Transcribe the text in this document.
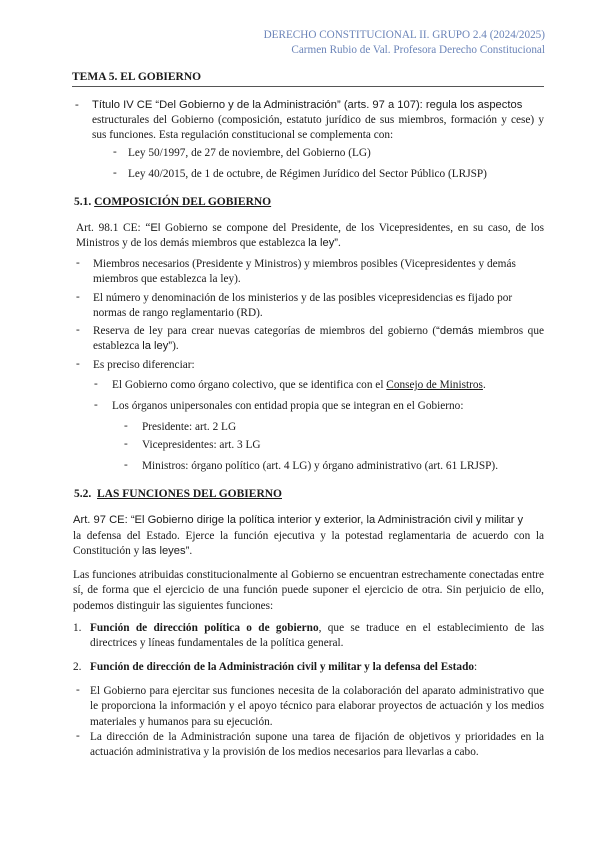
DERECHO CONSTITUCIONAL II. GRUPO 2.4 (2024/2025)
Carmen Rubio de Val. Profesora Derecho Constitucional
TEMA 5. EL GOBIERNO
- Título IV CE “Del Gobierno y de la Administración” (arts. 97 a 107): regula los aspectos
estructurales del Gobierno (composición, estatuto jurídico de sus miembros, formación y cese) y sus funciones. Esta regulación constitucional se complementa con:
- Ley 50/1997, de 27 de noviembre, del Gobierno (LG)
- Ley 40/2015, de 1 de octubre, de Régimen Jurídico del Sector Público (LRJSP)
5.1. COMPOSICIÓN DEL GOBIERNO
Art. 98.1 CE: “El Gobierno se compone del Presidente, de los Vicepresidentes, en su caso, de los Ministros y de los demás miembros que establezca la ley”.
- Miembros necesarios (Presidente y Ministros) y miembros posibles (Vicepresidentes y demás miembros que establezca la ley).
- El número y denominación de los ministerios y de las posibles vicepresidencias es fijado por normas de rango reglamentario (RD).
- Reserva de ley para crear nuevas categorías de miembros del gobierno (“demás miembros que establezca la ley”).
- Es preciso diferenciar:
- El Gobierno como órgano colectivo, que se identifica con el Consejo de Ministros.
- Los órganos unipersonales con entidad propia que se integran en el Gobierno:
- Presidente: art. 2 LG
- Vicepresidentes: art. 3 LG
- Ministros: órgano político (art. 4 LG) y órgano administrativo (art. 61 LRJSP).
5.2. LAS FUNCIONES DEL GOBIERNO
Art. 97 CE: “El Gobierno dirige la política interior y exterior, la Administración civil y militar y
la defensa del Estado. Ejerce la función ejecutiva y la potestad reglamentaria de acuerdo con la Constitución y las leyes”.
Las funciones atribuidas constitucionalmente al Gobierno se encuentran estrechamente conectadas entre sí, de forma que el ejercicio de una función puede suponer el ejercicio de otra. Sin perjuicio de ello, podemos distinguir las siguientes funciones:
1. Función de dirección política o de gobierno, que se traduce en el establecimiento de las directrices y líneas fundamentales de la política general.
2. Función de dirección de la Administración civil y militar y la defensa del Estado:
- El Gobierno para ejercitar sus funciones necesita de la colaboración del aparato administrativo que le proporciona la información y el apoyo técnico para elaborar proyectos de actuación y los medios materiales y humanos para su ejecución.
- La dirección de la Administración supone una tarea de fijación de objetivos y prioridades en la actuación administrativa y la provisión de los medios necesarios para llevarlas a cabo.
